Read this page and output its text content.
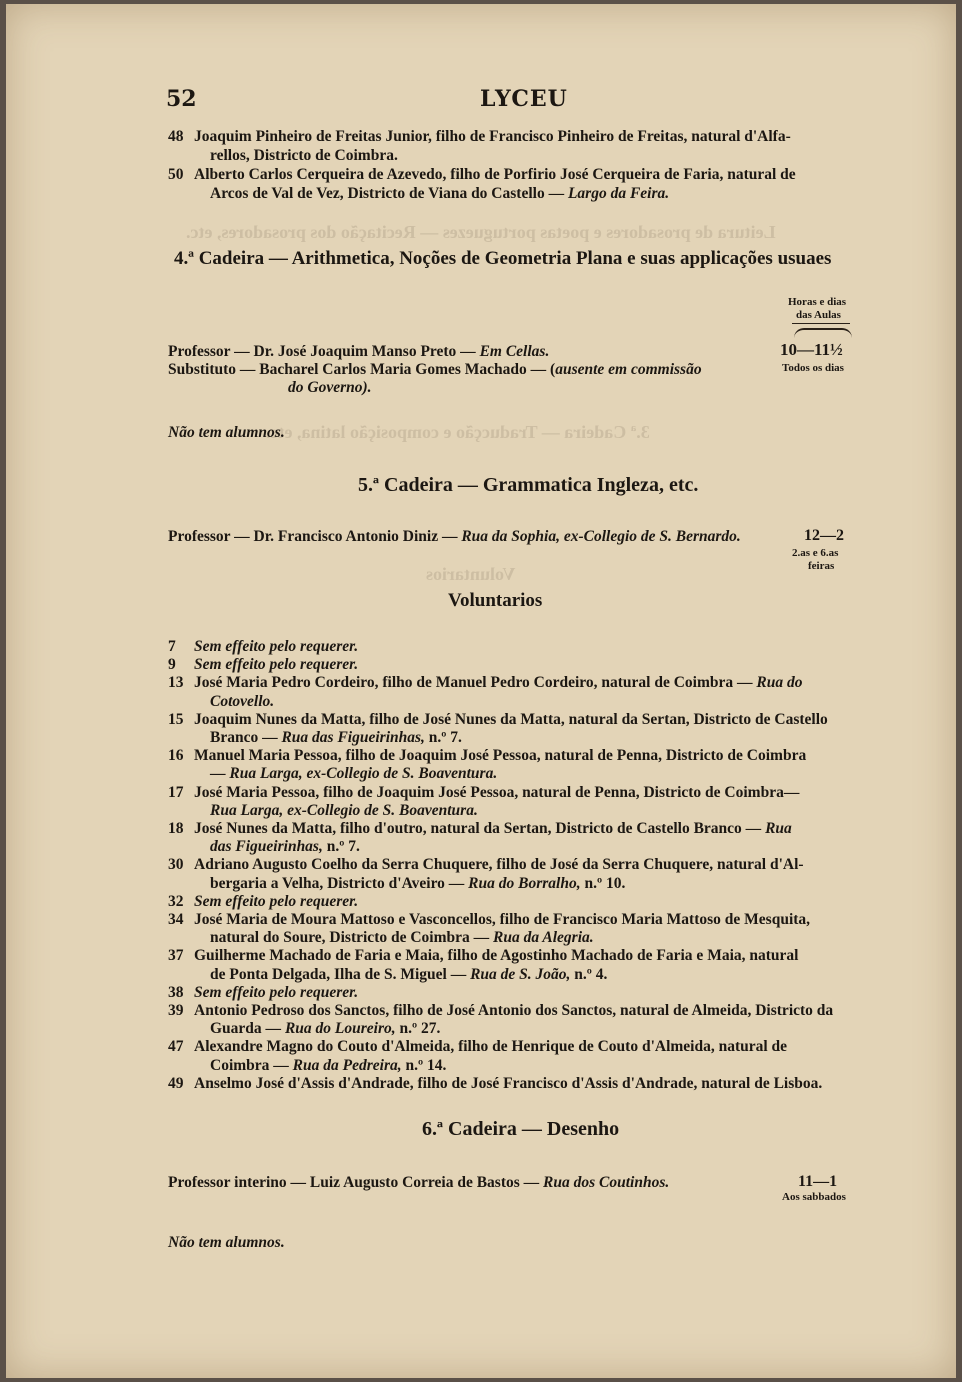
Leitura de prosadores e poetas portuguezes — Recitação dos prosadores, etc.
3.ª Cadeira — Traducção e composição latina, etc.
Voluntarios
52	LYCEU
48 Joaquim Pinheiro de Freitas Junior, filho de Francisco Pinheiro de Freitas, natural d'Alfa-
rellos, Districto de Coimbra.
50 Alberto Carlos Cerqueira de Azevedo, filho de Porfirio José Cerqueira de Faria, natural de
Arcos de Val de Vez, Districto de Viana do Castello — Largo da Feira.
4.ª Cadeira — Arithmetica, Noções de Geometria Plana e suas applicações usuaes
Horas e dias
das Aulas
Professor — Dr. José Joaquim Manso Preto — Em Cellas.	10—11½
Substituto — Bacharel Carlos Maria Gomes Machado — (ausente em commissão	Todos os dias
do Governo).
Não tem alumnos.
5.ª Cadeira — Grammatica Ingleza, etc.
Professor — Dr. Francisco Antonio Diniz — Rua da Sophia, ex-Collegio de S. Bernardo.	12—2
2.as e 6.as
feiras
Voluntarios
7 Sem effeito pelo requerer.
9 Sem effeito pelo requerer.
13 José Maria Pedro Cordeiro, filho de Manuel Pedro Cordeiro, natural de Coimbra — Rua do
Cotovello.
15 Joaquim Nunes da Matta, filho de José Nunes da Matta, natural da Sertan, Districto de Castello
Branco — Rua das Figueirinhas, n.º 7.
16 Manuel Maria Pessoa, filho de Joaquim José Pessoa, natural de Penna, Districto de Coimbra
— Rua Larga, ex-Collegio de S. Boaventura.
17 José Maria Pessoa, filho de Joaquim José Pessoa, natural de Penna, Districto de Coimbra—
Rua Larga, ex-Collegio de S. Boaventura.
18 José Nunes da Matta, filho d'outro, natural da Sertan, Districto de Castello Branco — Rua
das Figueirinhas, n.º 7.
30 Adriano Augusto Coelho da Serra Chuquere, filho de José da Serra Chuquere, natural d'Al-
bergaria a Velha, Districto d'Aveiro — Rua do Borralho, n.º 10.
32 Sem effeito pelo requerer.
34 José Maria de Moura Mattoso e Vasconcellos, filho de Francisco Maria Mattoso de Mesquita,
natural do Soure, Districto de Coimbra — Rua da Alegria.
37 Guilherme Machado de Faria e Maia, filho de Agostinho Machado de Faria e Maia, natural
de Ponta Delgada, Ilha de S. Miguel — Rua de S. João, n.º 4.
38 Sem effeito pelo requerer.
39 Antonio Pedroso dos Sanctos, filho de José Antonio dos Sanctos, natural de Almeida, Districto da
Guarda — Rua do Loureiro, n.º 27.
47 Alexandre Magno do Couto d'Almeida, filho de Henrique de Couto d'Almeida, natural de
Coimbra — Rua da Pedreira, n.º 14.
49 Anselmo José d'Assis d'Andrade, filho de José Francisco d'Assis d'Andrade, natural de Lisboa.
6.ª Cadeira — Desenho
Professor interino — Luiz Augusto Correia de Bastos — Rua dos Coutinhos.	11—1
Aos sabbados
Não tem alumnos.
